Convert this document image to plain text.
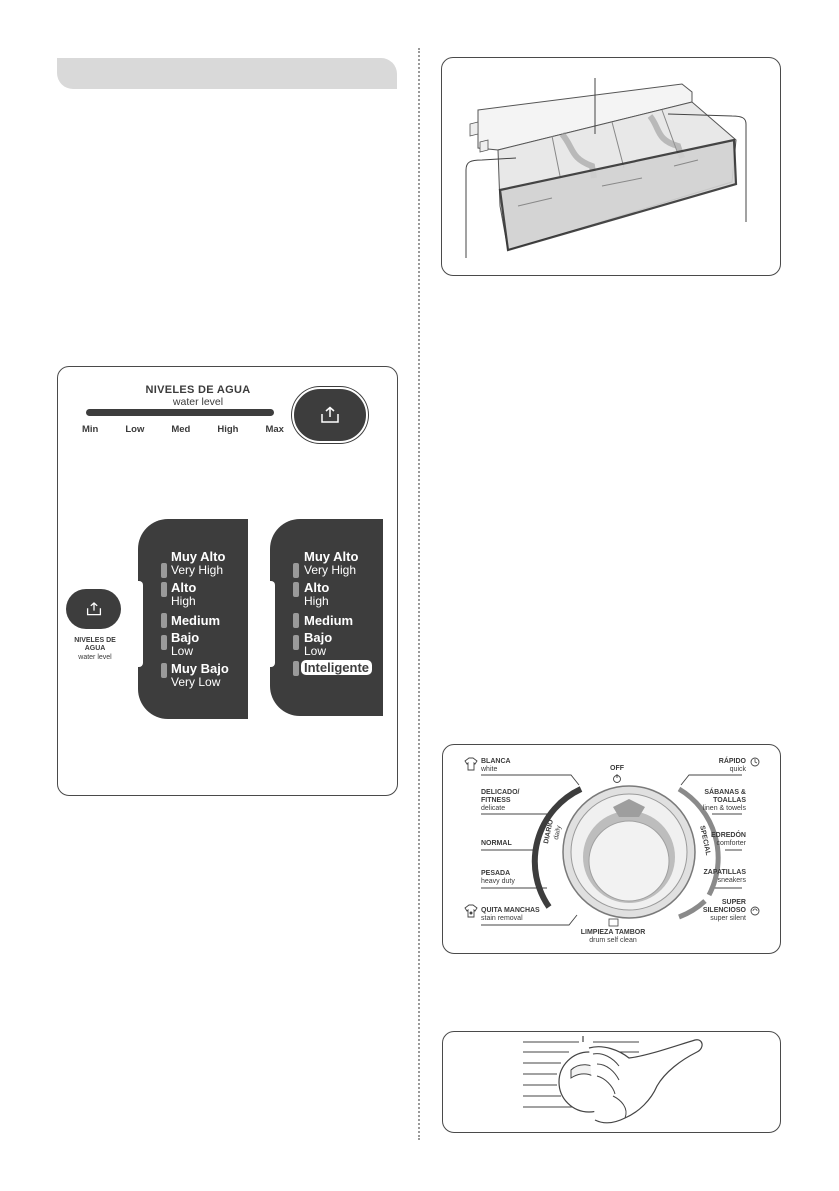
NIVELES DE AGUA
water level
Min	Low	Med	High	Max
NIVELES DE AGUA
water level
Muy Alto
Very High
Alto
High
Medium
Bajo
Low
Muy Bajo
Very Low
Muy Alto
Very High
Alto
High
Medium
Bajo
Low
Inteligente
OFF
BLANCA
white
DELICADO/ FITNESS
delicate
NORMAL
PESADA
heavy duty
QUITA MANCHAS
stain removal
RÁPIDO
quick
SÁBANAS & TOALLAS
linen & towels
EDREDÓN
comforter
ZAPATILLAS
sneakers
SUPER SILENCIOSO
super silent
DIARIO
daily	SPECIAL
LIMPIEZA TAMBOR
drum self clean
